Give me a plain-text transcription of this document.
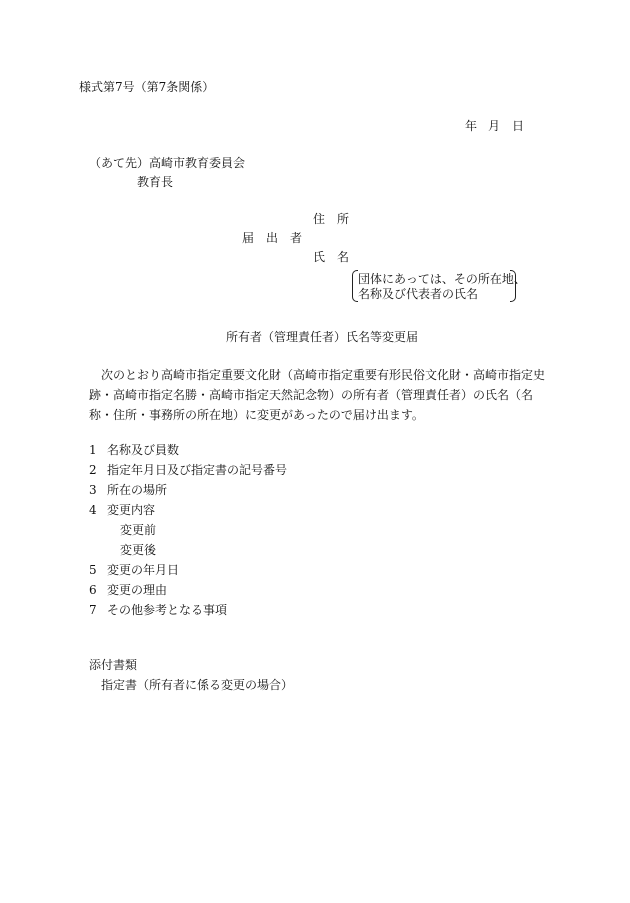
様式第7号（第7条関係）
年 月 日
（あて先）高崎市教育委員会
教育長
住　所
届　出　者
氏　名
団体にあっては、その所在地、
名称及び代表者の氏名
所有者（管理責任者）氏名等変更届
次のとおり高崎市指定重要文化財（高崎市指定重要有形民俗文化財・高崎市指定史跡・高崎市指定名勝・高崎市指定天然記念物）の所有者（管理責任者）の氏名（名称・住所・事務所の所在地）に変更があったので届け出ます。
1 名称及び員数
2 指定年月日及び指定書の記号番号
3 所在の場所
4 変更内容
変更前
変更後
5 変更の年月日
6 変更の理由
7 その他参考となる事項
添付書類
指定書（所有者に係る変更の場合）
